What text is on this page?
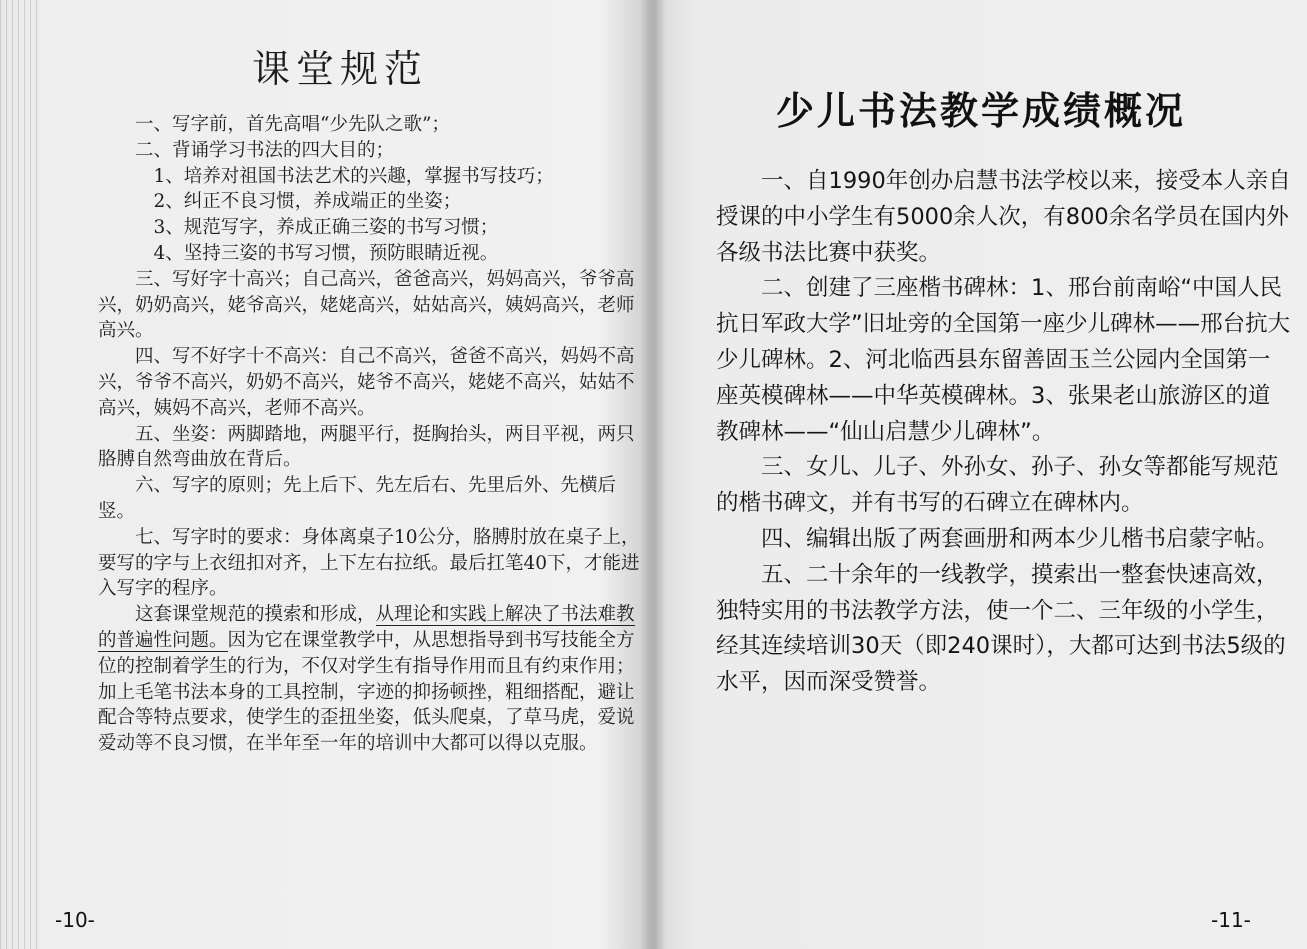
课堂规范

一、写字前，首先高唱“少先队之歌”；

二、背诵学习书法的四大目的；

1、培养对祖国书法艺术的兴趣，掌握书写技巧；

2、纠正不良习惯，养成端正的坐姿；

3、规范写字，养成正确三姿的书写习惯；

4、坚持三姿的书写习惯，预防眼睛近视。

三、写好字十高兴；自己高兴，爸爸高兴，妈妈高兴，爷爷高兴，奶奶高兴，姥爷高兴，姥姥高兴，姑姑高兴，姨妈高兴，老师高兴。

四、写不好字十不高兴：自己不高兴，爸爸不高兴，妈妈不高兴，爷爷不高兴，奶奶不高兴，姥爷不高兴，姥姥不高兴，姑姑不高兴，姨妈不高兴，老师不高兴。

五、坐姿：两脚踏地，两腿平行，挺胸抬头，两目平视，两只胳膊自然弯曲放在背后。

六、写字的原则；先上后下、先左后右、先里后外、先横后竖。

七、写字时的要求：身体离桌子10公分，胳膊肘放在桌子上，要写的字与上衣纽扣对齐，上下左右拉纸。最后扛笔40下，才能进入写字的程序。

这套课堂规范的摸索和形成，从理论和实践上解决了书法难教的普遍性问题。因为它在课堂教学中，从思想指导到书写技能全方位的控制着学生的行为，不仅对学生有指导作用而且有约束作用；加上毛笔书法本身的工具控制，字迹的抑扬顿挫，粗细搭配，避让配合等特点要求，使学生的歪扭坐姿，低头爬桌，了草马虎，爱说爱动等不良习惯，在半年至一年的培训中大都可以得以克服。

-10-
少儿书法教学成绩概况

一、自1990年创办启慧书法学校以来，接受本人亲自授课的中小学生有5000余人次，有800余名学员在国内外各级书法比赛中获奖。

二、创建了三座楷书碑林：1、邢台前南峪“中国人民抗日军政大学”旧址旁的全国第一座少儿碑林——邢台抗大少儿碑林。2、河北临西县东留善固玉兰公园内全国第一座英模碑林——中华英模碑林。3、张果老山旅游区的道教碑林——“仙山启慧少儿碑林”。

三、女儿、儿子、外孙女、孙子、孙女等都能写规范的楷书碑文，并有书写的石碑立在碑林内。

四、编辑出版了两套画册和两本少儿楷书启蒙字帖。

五、二十余年的一线教学，摸索出一整套快速高效，独特实用的书法教学方法，使一个二、三年级的小学生，经其连续培训30天（即240课时），大都可达到书法5级的水平，因而深受赞誉。

-11-
